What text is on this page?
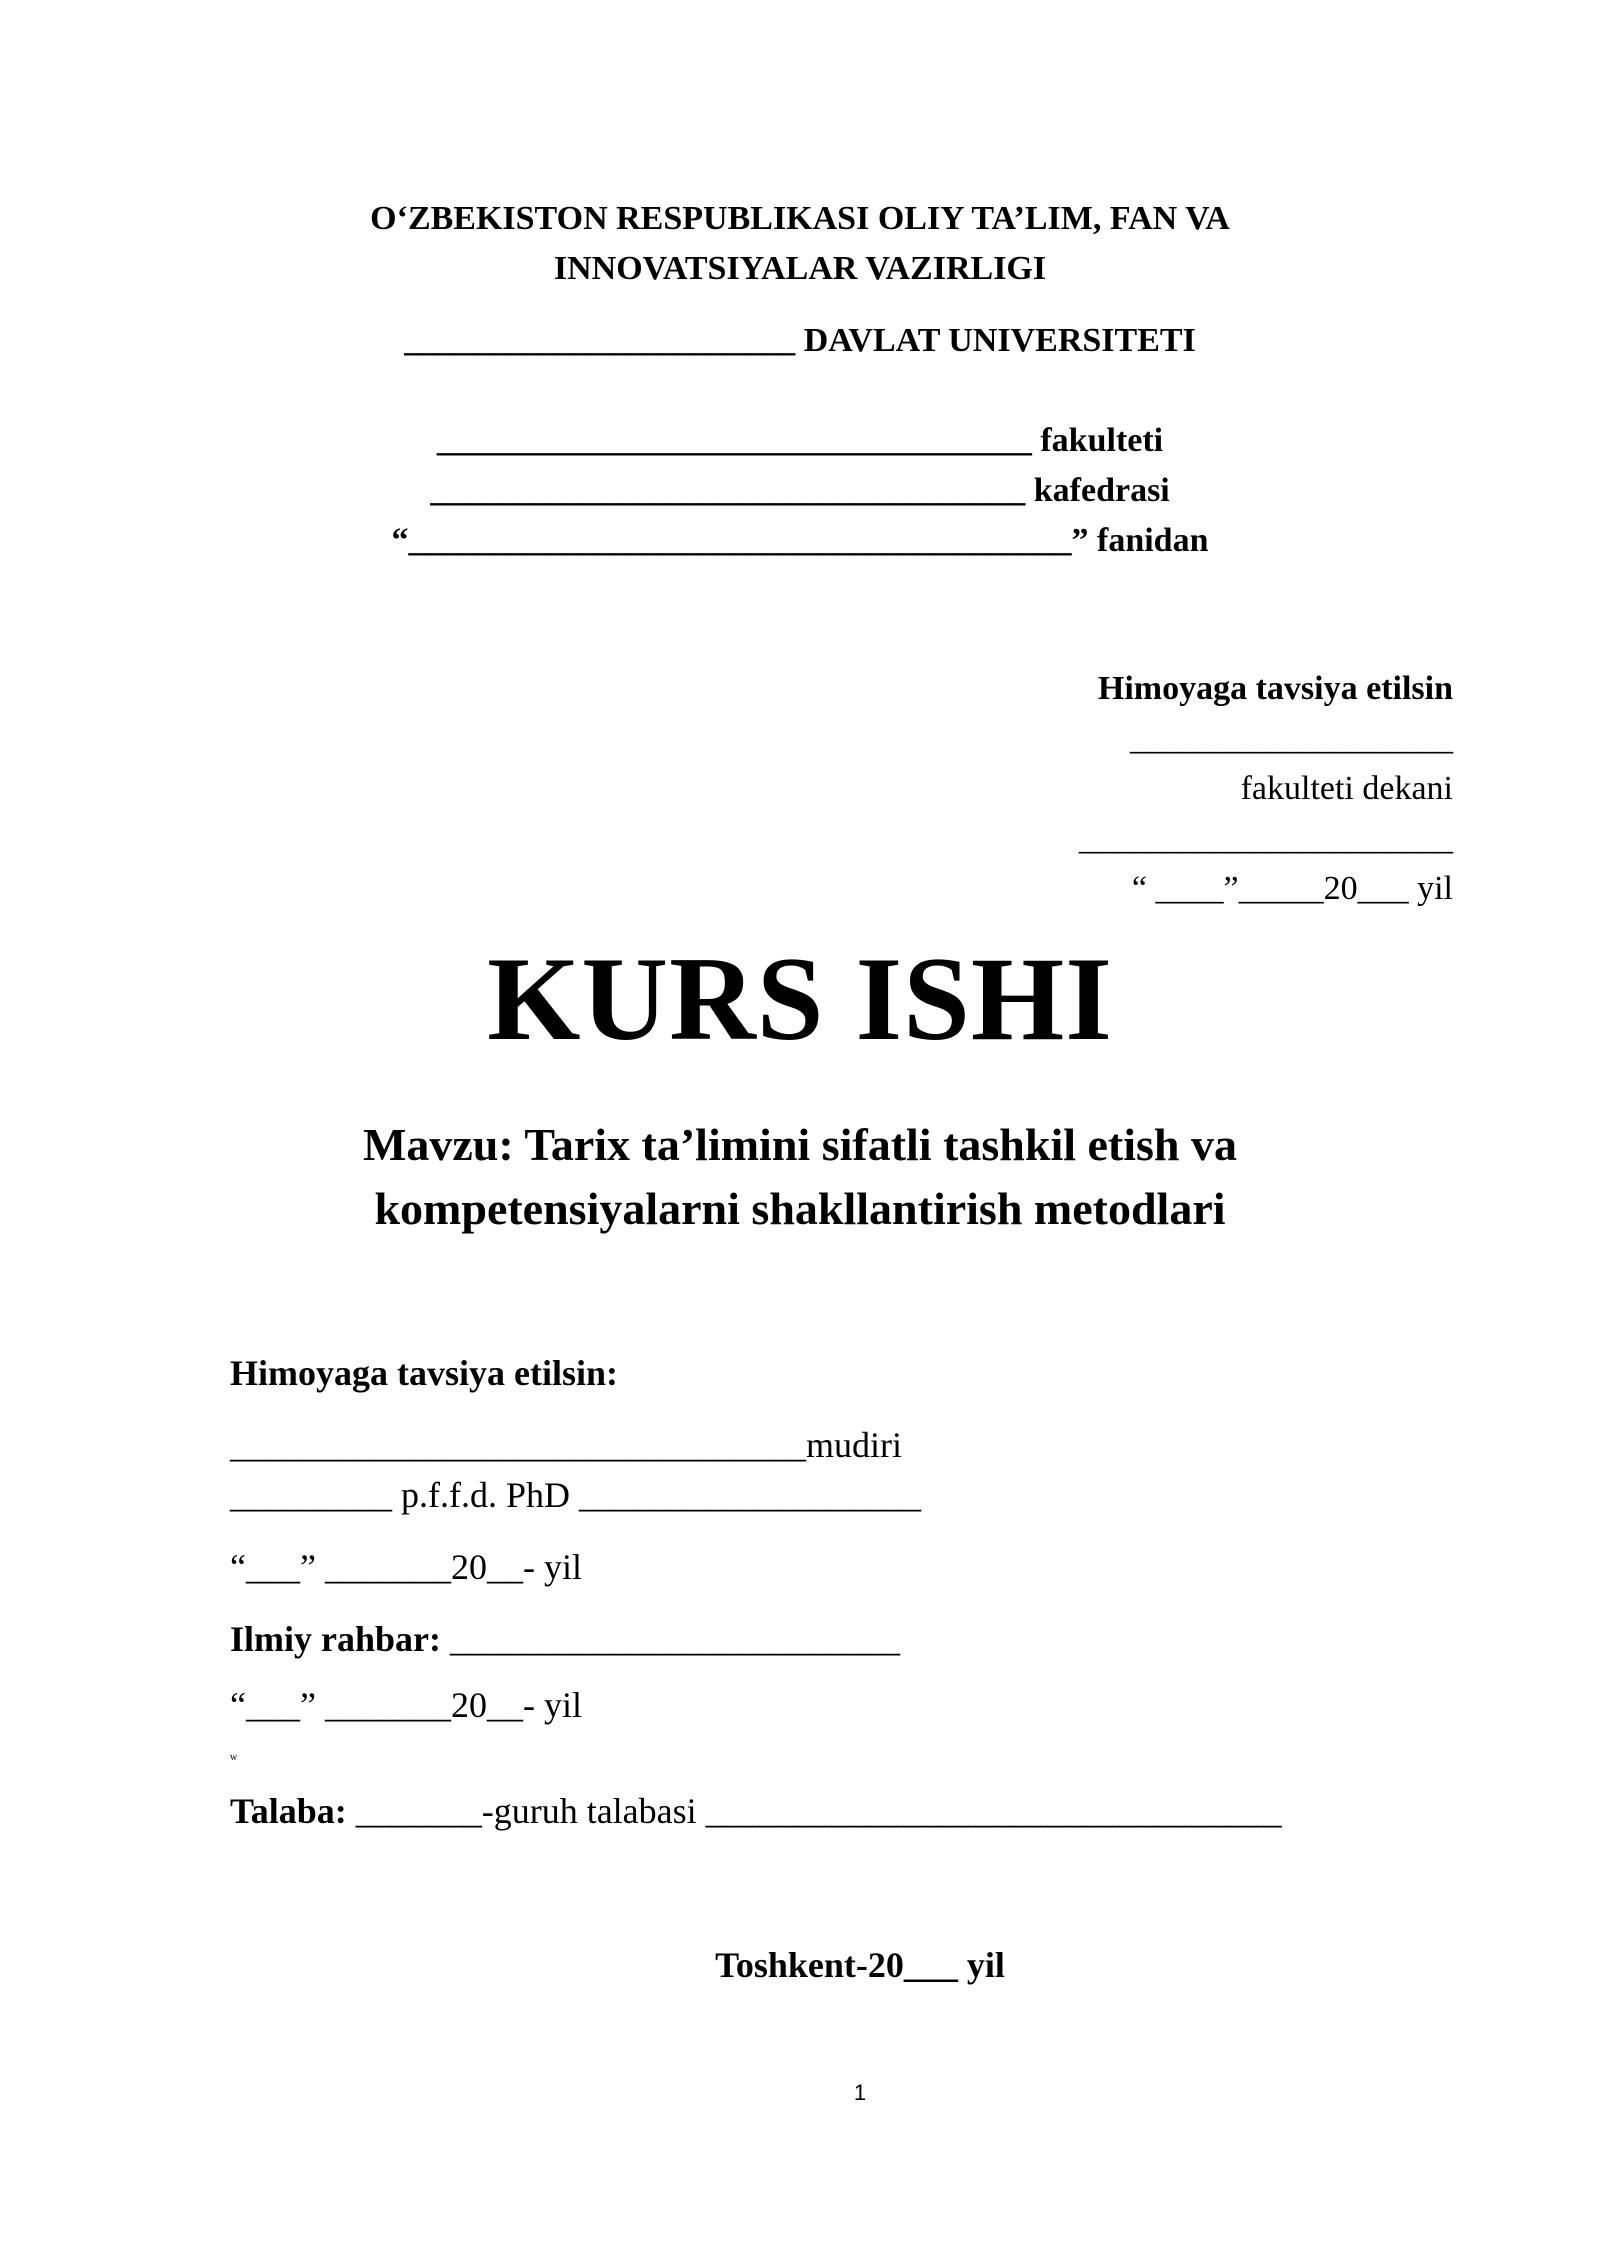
O‘ZBEKISTON RESPUBLIKASI OLIY TA’LIM, FAN VA
INNOVATSIYALAR VAZIRLIGI
_______________________ DAVLAT UNIVERSITETI
___________________________________ fakulteti
___________________________________ kafedrasi
“_______________________________________” fanidan
Himoyaga tavsiya etilsin
___________________
fakulteti dekani
______________________
“ ____”_____20___ yil
KURS ISHI
Mavzu: Tarix ta’limini sifatli tashkil etish va
kompetensiyalarni shakllantirish metodlari
Himoyaga tavsiya etilsin:
________________________________mudiri
_________ p.f.f.d. PhD ___________________
“___” _______20__- yil
Ilmiy rahbar: _________________________
“___” _______20__- yil
w
Talaba: _______-guruh talabasi ________________________________
Toshkent-20___ yil
1
